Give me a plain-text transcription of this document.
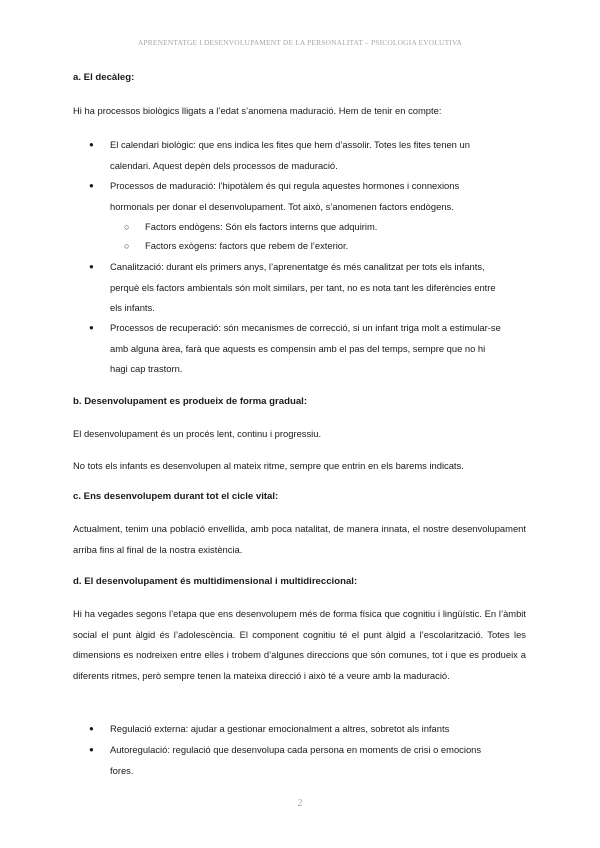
APRENENTATGE I DESENVOLUPAMENT DE LA PERSONALITAT – PSICOLOGIA EVOLUTIVA
a. El decàleg:
Hi ha processos biològics lligats a l’edat s’anomena maduració. Hem de tenir en compte:
● El calendari biològic: que ens indica les fites que hem d’assolir. Totes les fites tenen un
calendari. Aquest depèn dels processos de maduració.
● Processos de maduració: l’hipotàlem és qui regula aquestes hormones i connexions
hormonals per donar el desenvolupament. Tot això, s’anomenen factors endògens.
○ Factors endògens: Són els factors interns que adquirim.
○ Factors exògens: factors que rebem de l’exterior.
● Canalització: durant els primers anys, l’aprenentatge és més canalitzat per tots els infants,
perquè els factors ambientals són molt similars, per tant, no es nota tant les diferències entre
els infants.
● Processos de recuperació: són mecanismes de correcció, si un infant triga molt a estimular-se
amb alguna àrea, farà que aquests es compensin amb el pas del temps, sempre que no hi
hagi cap trastorn.
b. Desenvolupament es produeix de forma gradual:
El desenvolupament és un procés lent, continu i progressiu.
No tots els infants es desenvolupen al mateix ritme, sempre que entrin en els barems indicats.
c. Ens desenvolupem durant tot el cicle vital:
Actualment, tenim una població envellida, amb poca natalitat, de manera innata, el nostre desenvolupament arriba fins al final de la nostra existència.
d. El desenvolupament és multidimensional i multidireccional:
Hi ha vegades segons l’etapa que ens desenvolupem més de forma física que cognitiu i lingüístic. En l’àmbit social el punt àlgid és l’adolescència. El component cognitiu té el punt àlgid a l’escolarització. Totes les dimensions es nodreixen entre elles i trobem d’algunes direccions que són comunes, tot i que es produeix a diferents ritmes, però sempre tenen la mateixa direcció i això té a veure amb la maduració.
● Regulació externa: ajudar a gestionar emocionalment a altres, sobretot als infants
● Autoregulació: regulació que desenvolupa cada persona en moments de crisi o emocions
fores.
2
